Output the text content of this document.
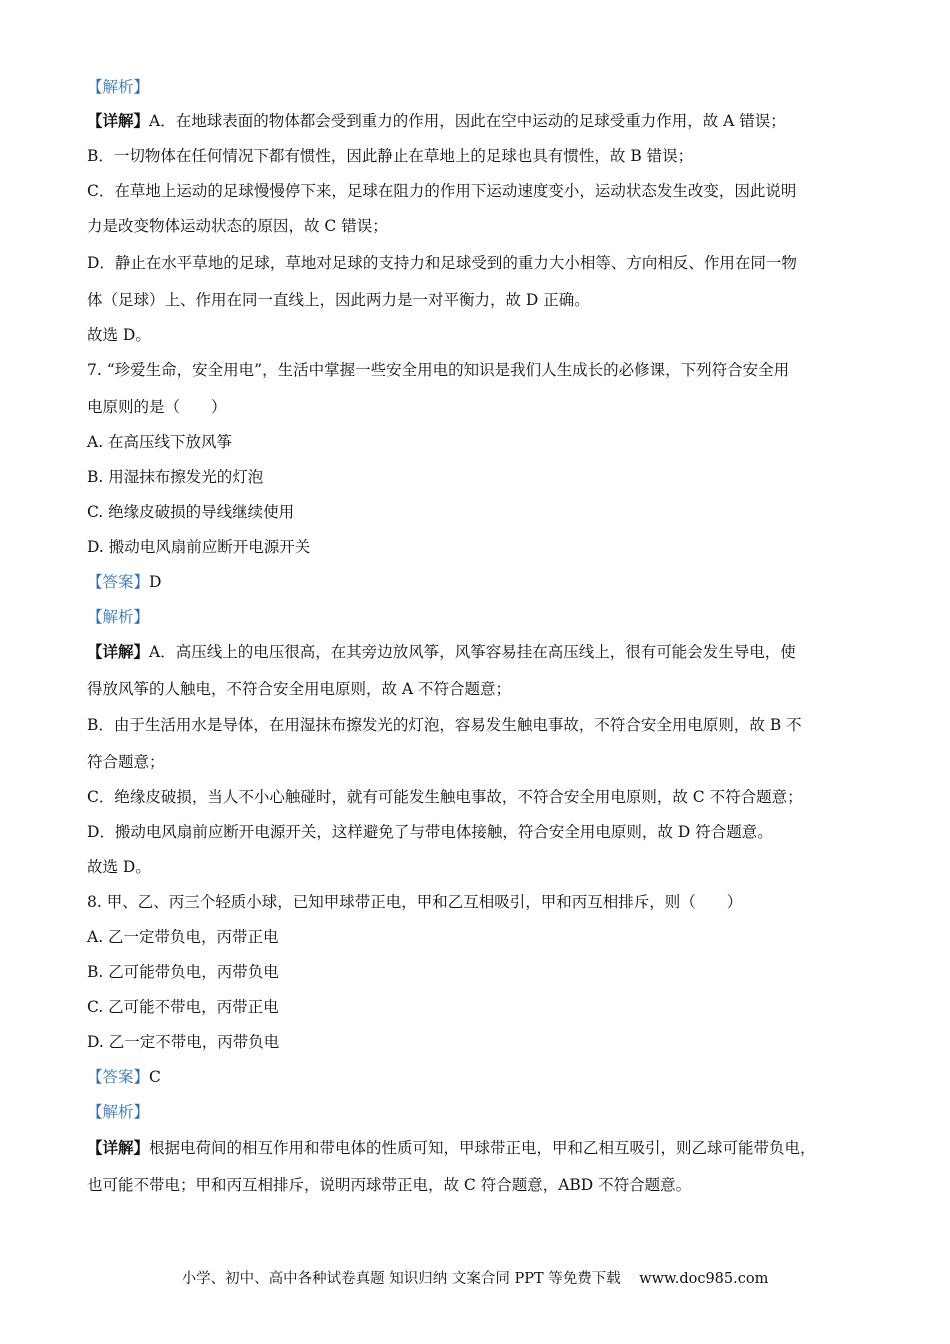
【解析】
【详解】A．在地球表面的物体都会受到重力的作用，因此在空中运动的足球受重力作用，故 A 错误；
B．一切物体在任何情况下都有惯性，因此静止在草地上的足球也具有惯性，故 B 错误；
C．在草地上运动的足球慢慢停下来，足球在阻力的作用下运动速度变小，运动状态发生改变，因此说明
力是改变物体运动状态的原因，故 C 错误；
D．静止在水平草地的足球，草地对足球的支持力和足球受到的重力大小相等、方向相反、作用在同一物
体（足球）上、作用在同一直线上，因此两力是一对平衡力，故 D 正确。
故选 D。
7. “珍爱生命，安全用电”，生活中掌握一些安全用电的知识是我们人生成长的必修课，下列符合安全用
电原则的是（　　）
A. 在高压线下放风筝
B. 用湿抹布擦发光的灯泡
C. 绝缘皮破损的导线继续使用
D. 搬动电风扇前应断开电源开关
【答案】D
【解析】
【详解】A．高压线上的电压很高，在其旁边放风筝，风筝容易挂在高压线上，很有可能会发生导电，使
得放风筝的人触电，不符合安全用电原则，故 A 不符合题意；
B．由于生活用水是导体，在用湿抹布擦发光的灯泡，容易发生触电事故，不符合安全用电原则，故 B 不
符合题意；
C．绝缘皮破损，当人不小心触碰时，就有可能发生触电事故，不符合安全用电原则，故 C 不符合题意；
D．搬动电风扇前应断开电源开关，这样避免了与带电体接触，符合安全用电原则，故 D 符合题意。
故选 D。
8. 甲、乙、丙三个轻质小球，已知甲球带正电，甲和乙互相吸引，甲和丙互相排斥，则（　　）
A. 乙一定带负电，丙带正电
B. 乙可能带负电，丙带负电
C. 乙可能不带电，丙带正电
D. 乙一定不带电，丙带负电
【答案】C
【解析】
【详解】根据电荷间的相互作用和带电体的性质可知，甲球带正电，甲和乙相互吸引，则乙球可能带负电，
也可能不带电；甲和丙互相排斥，说明丙球带正电，故 C 符合题意，ABD 不符合题意。
小学、初中、高中各种试卷真题 知识归纳 文案合同 PPT 等免费下载 www.doc985.com
